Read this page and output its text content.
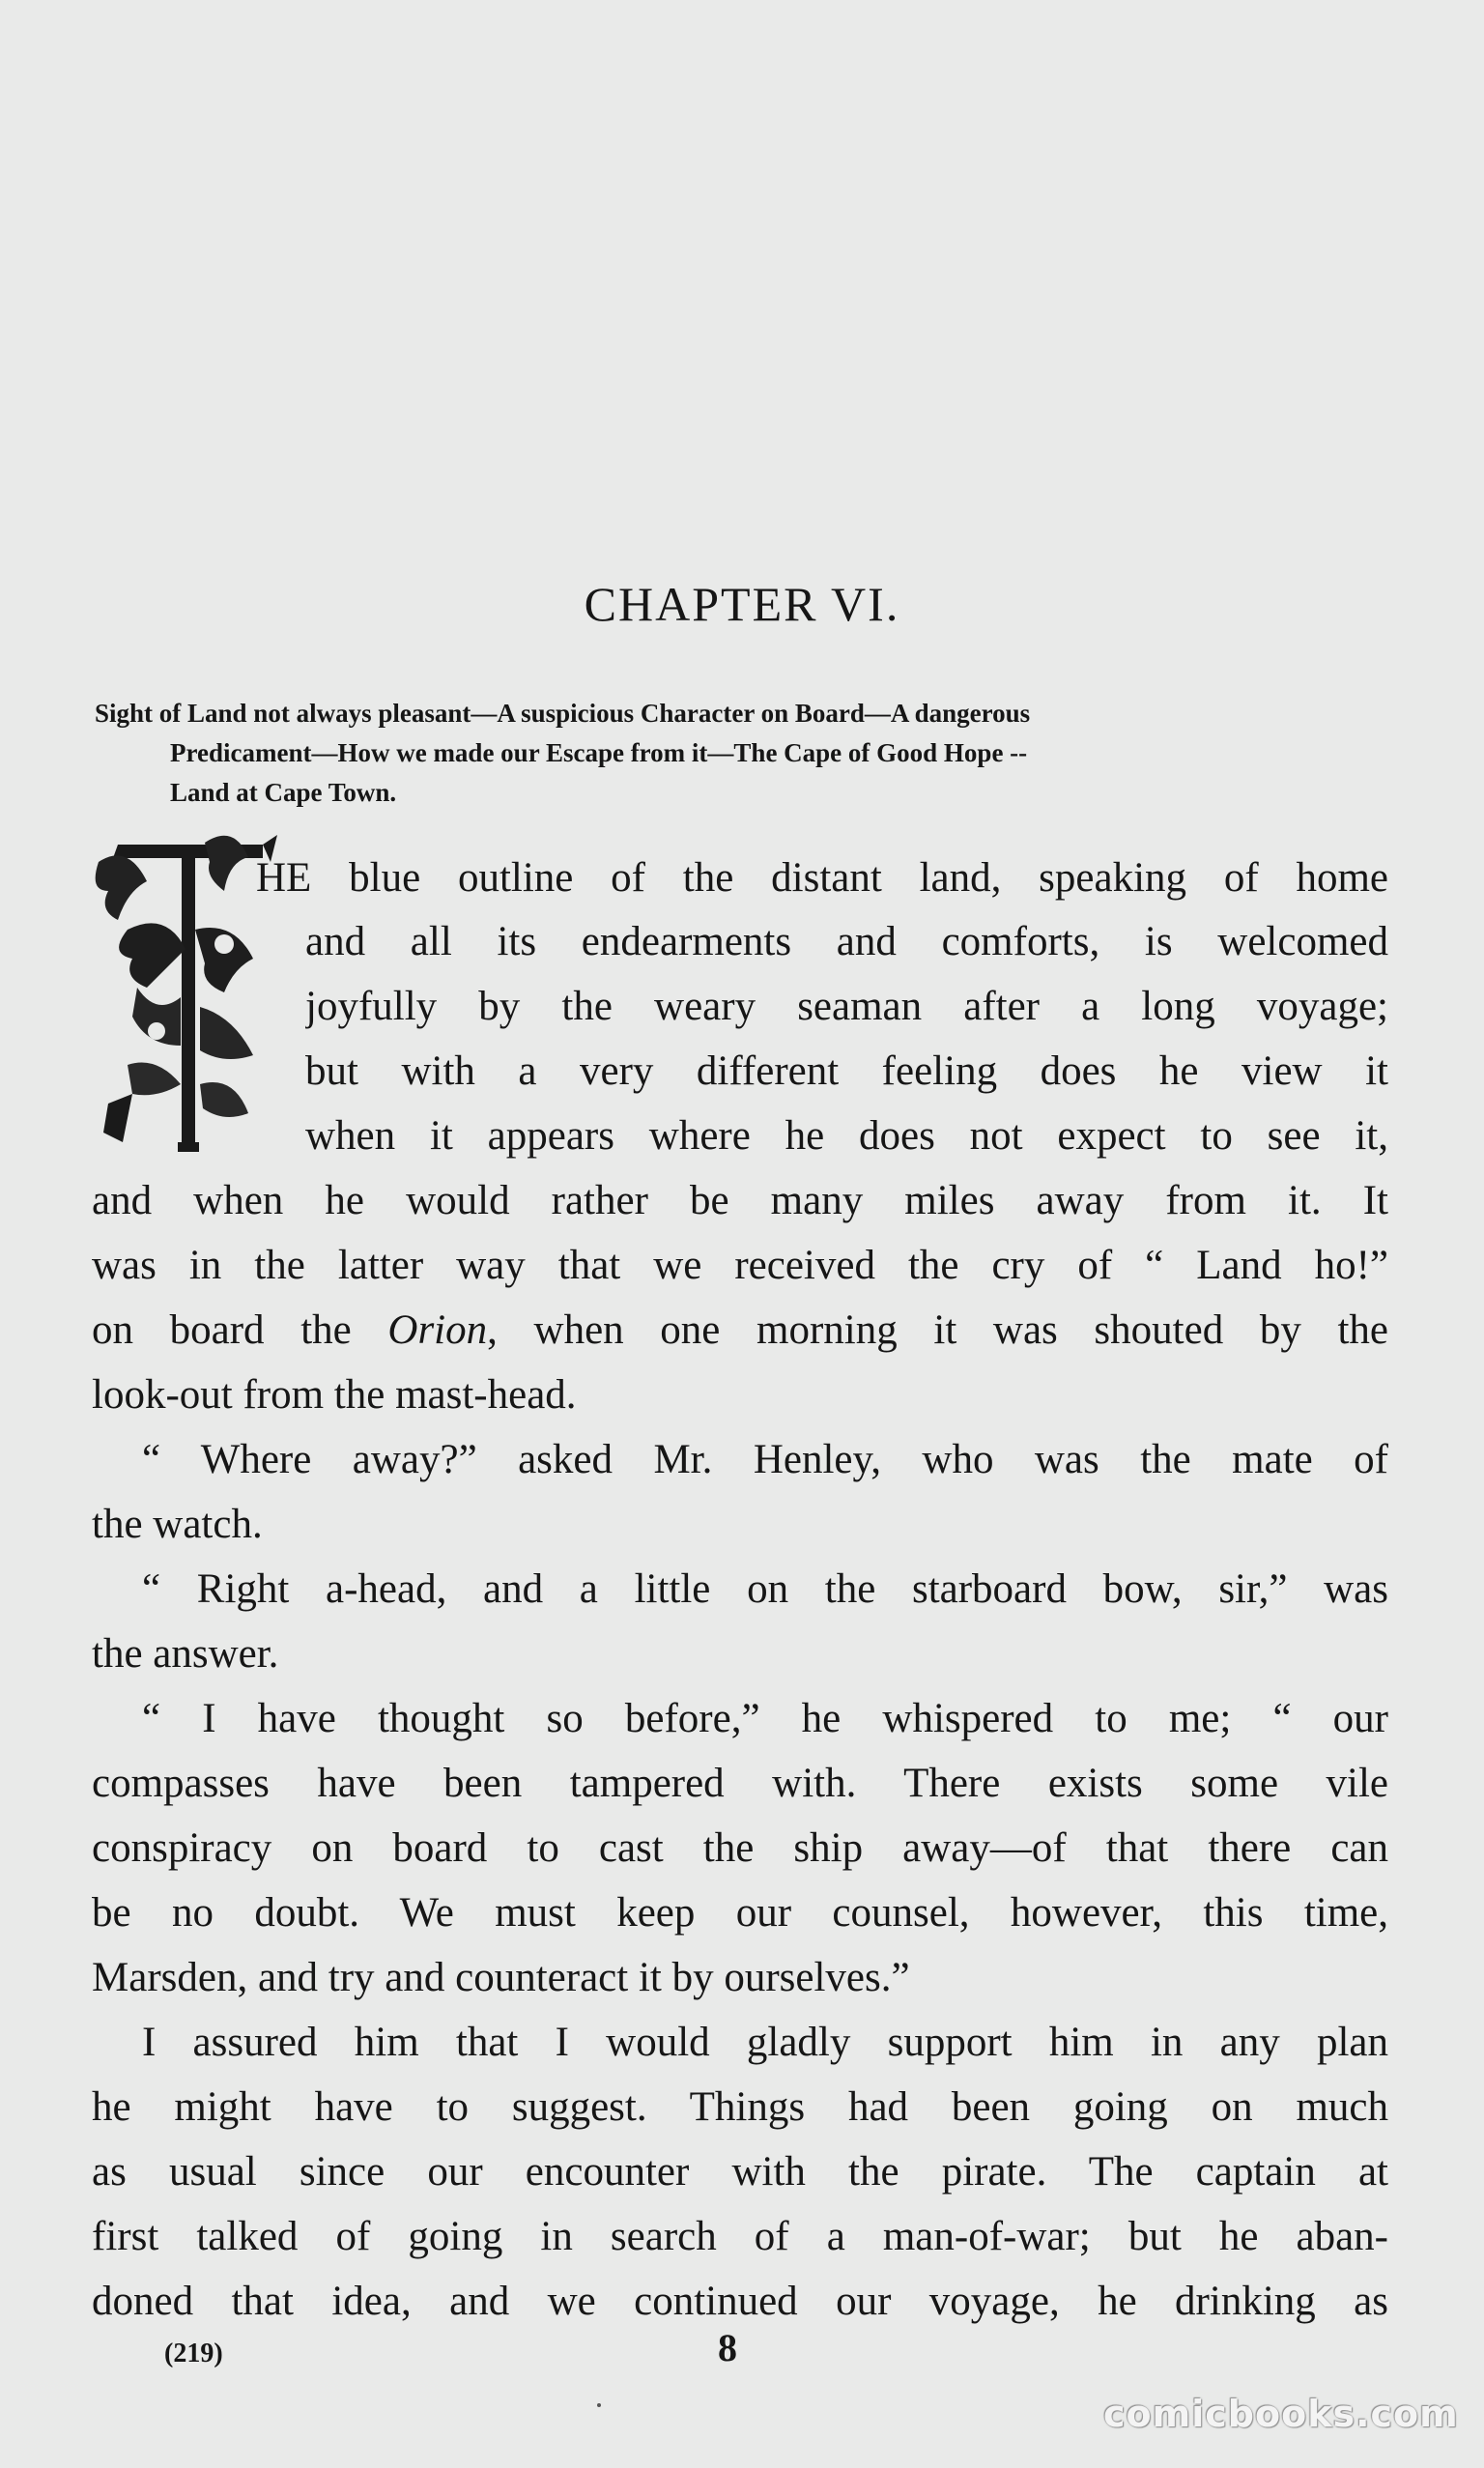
CHAPTER VI.
Sight of Land not always pleasant—A suspicious Character on Board—A dangerous
Predicament—How we made our Escape from it—The Cape of Good Hope --
Land at Cape Town.
HE blue outline of the distant land, speaking of home
and all its endearments and comforts, is welcomed
joyfully by the weary seaman after a long voyage;
but with a very different feeling does he view it
when it appears where he does not expect to see it,
and when he would rather be many miles away from it. It
was in the latter way that we received the cry of “ Land ho!”
on board the Orion, when one morning it was shouted by the
look-out from the mast-head.
“ Where away?” asked Mr. Henley, who was the mate of
the watch.
“ Right a-head, and a little on the starboard bow, sir,” was
the answer.
“ I have thought so before,” he whispered to me; “ our
compasses have been tampered with. There exists some vile
conspiracy on board to cast the ship away—of that there can
be no doubt. We must keep our counsel, however, this time,
Marsden, and try and counteract it by ourselves.”
I assured him that I would gladly support him in any plan
he might have to suggest. Things had been going on much
as usual since our encounter with the pirate. The captain at
first talked of going in search of a man-of-war; but he aban-
doned that idea, and we continued our voyage, he drinking as
(219)	8
comicbooks.com
